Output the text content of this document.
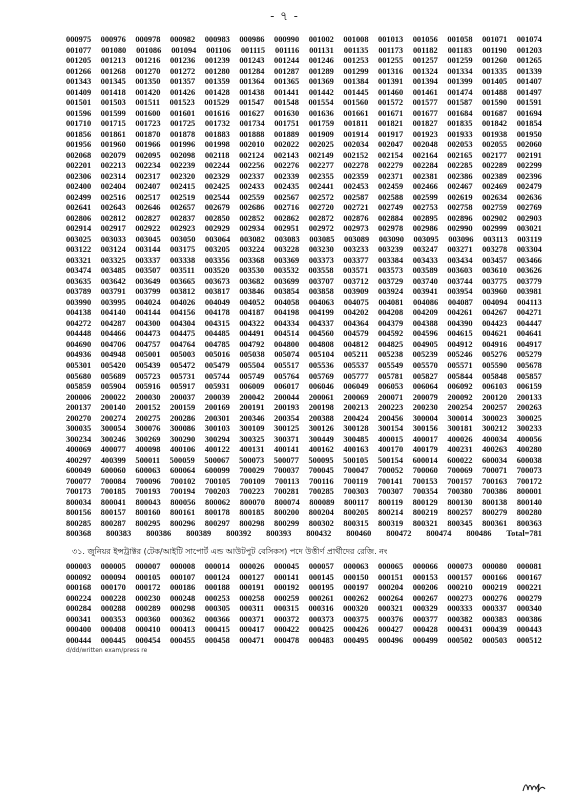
- ৭ -
000975 000976 000978 000982 000983 000986 000990 001002 001008 001013 001056 001058 001071 001074
001077 001080 001086 001094 001106 001115 001116 001131 001135 001173 001182 001183 001190 001203
001205 001213 001216 001236 001239 001243 001244 001246 001253 001255 001257 001259 001260 001265
001266 001268 001270 001272 001280 001284 001287 001289 001299 001316 001324 001334 001335 001339
001343 001345 001350 001357 001359 001364 001365 001369 001384 001391 001394 001399 001405 001407
001409 001418 001420 001426 001428 001438 001441 001442 001445 001460 001461 001474 001488 001497
001501 001503 001511 001523 001529 001547 001548 001554 001560 001572 001577 001587 001590 001591
001596 001599 001600 001601 001616 001627 001630 001636 001661 001671 001677 001684 001687 001694
001710 001715 001723 001725 001732 001734 001751 001759 001811 001821 001827 001835 001842 001854
001856 001861 001870 001878 001883 001888 001889 001909 001914 001917 001923 001933 001938 001950
001956 001960 001966 001996 001998 002010 002022 002025 002034 002047 002048 002053 002055 002060
002068 002079 002095 002098 002118 002124 002143 002149 002152 002154 002164 002165 002177 002191
002201 002213 002234 002239 002244 002256 002276 002277 002278 002279 002284 002285 002289 002299
002306 002314 002317 002320 002329 002337 002339 002355 002359 002371 002381 002386 002389 002396
002400 002404 002407 002415 002425 002433 002435 002441 002453 002459 002466 002467 002469 002479
002499 002516 002517 002519 002544 002559 002567 002572 002587 002588 002599 002619 002634 002636
002641 002643 002646 002657 002679 002686 002716 002720 002721 002749 002753 002758 002759 002769
002806 002812 002827 002837 002850 002852 002862 002872 002876 002884 002895 002896 002902 002903
002914 002917 002922 002923 002929 002934 002951 002972 002973 002978 002986 002990 002999 003021
003025 003033 003045 003050 003064 003082 003083 003085 003089 003090 003095 003096 003113 003119
003122 003124 003144 003175 003205 003224 003228 003230 003233 003239 003247 003271 003278 003304
003321 003325 003337 003338 003356 003368 003369 003373 003377 003384 003433 003434 003457 003466
003474 003485 003507 003511 003520 003530 003532 003558 003571 003573 003589 003603 003610 003626
003635 003642 003649 003665 003673 003682 003699 003707 003712 003729 003740 003744 003775 003779
003789 003791 003799 003812 003817 003846 003854 003858 003909 003924 003941 003954 003960 003981
003990 003995 004024 004026 004049 004052 004058 004063 004075 004081 004086 004087 004094 004113
004138 004140 004144 004156 004178 004187 004198 004199 004202 004208 004209 004261 004267 004271
004272 004287 004300 004304 004315 004322 004334 004337 004364 004379 004388 004390 004423 004447
004448 004466 004473 004475 004485 004491 004514 004560 004579 004592 004596 004615 004621 004641
004690 004706 004757 004764 004785 004792 004800 004808 004812 004825 004905 004912 004916 004917
004936 004948 005001 005003 005016 005038 005074 005104 005211 005238 005239 005246 005276 005279
005301 005420 005439 005472 005479 005504 005517 005536 005537 005549 005570 005571 005590 005678
005680 005689 005723 005731 005744 005749 005764 005769 005777 005781 005827 005844 005848 005857
005859 005904 005916 005917 005931 006009 006017 006046 006049 006053 006064 006092 006103 006159
200006 200022 200030 200037 200039 200042 200044 200061 200069 200071 200079 200092 200120 200133
200137 200140 200152 200159 200169 200191 200193 200198 200213 200223 200230 200254 200257 200263
200270 200274 200275 200286 200301 200346 200354 200388 200424 200456 300004 300014 300023 300025
300035 300054 300076 300086 300103 300109 300125 300126 300128 300154 300156 300181 300212 300233
300234 300246 300269 300290 300294 300325 300371 300449 300485 400015 400017 400026 400034 400056
400069 400077 400098 400106 400122 400131 400141 400162 400163 400170 400179 400231 400263 400280
400297 400399 500011 500059 500067 500073 500077 500095 500105 500154 600014 600022 600034 600038
600049 600060 600063 600064 600099 700029 700037 700045 700047 700052 700060 700069 700071 700073
700077 700084 700096 700102 700105 700109 700113 700116 700119 700141 700153 700157 700163 700172
700173 700185 700193 700194 700203 700223 700281 700285 700303 700307 700354 700380 700386 800001
800034 800041 800043 800056 800062 800070 800074 800089 800117 800119 800129 800130 800138 800140
800156 800157 800160 800161 800178 800185 800200 800204 800205 800214 800219 800257 800279 800280
800285 800287 800295 800296 800297 800298 800299 800302 800315 800319 800321 800345 800361 800363
800368 800383 800386 800389 800392 800393 800432 800460 800472 800474 800486 Total=781
d/dd/written exam/press re
৩১. জুনিয়র ইন্সট্রাক্টর (টেক/আইটি সাপোর্ট এন্ড আউটপুট বেসিকস) পদে উত্তীর্ণ প্রার্থীদের রেজি. নং
000003 000005 000007 000008 000014 000026 000045 000057 000063 000065 000066 000073 000080 000081
000092 000094 000105 000107 000124 000127 000141 000145 000150 000151 000153 000157 000166 000167
000168 000170 000172 000186 000188 000191 000192 000195 000197 000204 000206 000210 000219 000221
000224 000228 000230 000248 000253 000258 000259 000261 000262 000264 000267 000273 000276 000279
000284 000288 000289 000298 000305 000311 000315 000316 000320 000321 000329 000333 000337 000340
000341 000353 000360 000362 000366 000371 000372 000373 000375 000376 000377 000382 000383 000386
000400 000408 000410 000413 000415 000417 000422 000425 000426 000427 000428 000431 000439 000443
000444 000445 000454 000455 000458 000471 000478 000483 000495 000496 000499 000502 000503 000512
